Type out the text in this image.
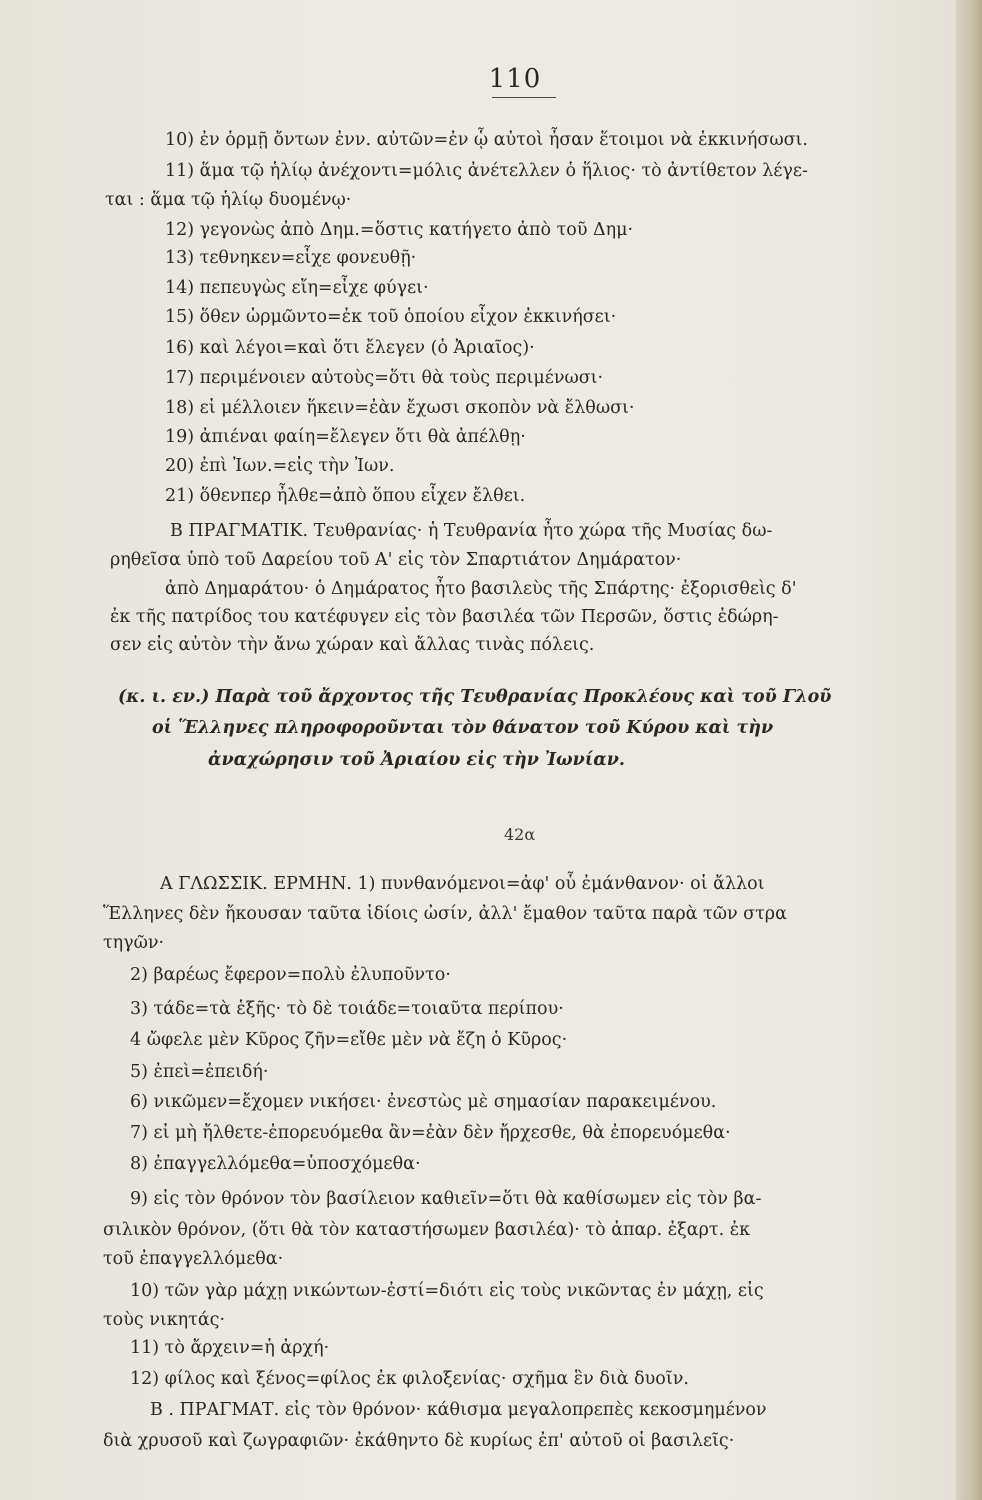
110
10) ἐν ὁρμῇ ὄντων ἐνν. αὐτῶν=ἐν ᾧ αὐτοὶ ἦσαν ἕτοιμοι νὰ ἐκκινήσωσι.
11) ἅμα τῷ ἡλίῳ ἀνέχοντι=μόλις ἀνέτελλεν ὁ ἥλιος· τὸ ἀντίθετον λέγε-
ται : ἅμα τῷ ἡλίῳ δυομένῳ·
12) γεγονὼς ἀπὸ Δημ.=ὅστις κατήγετο ἀπὸ τοῦ Δημ·
13) τεθνηκεν=εἶχε φονευθῇ·
14) πεπευγὼς εἴη=εἶχε φύγει·
15) ὅθεν ὡρμῶντο=ἐκ τοῦ ὁποίου εἶχον ἐκκινήσει·
16) καὶ λέγοι=καὶ ὅτι ἔλεγεν (ὁ Ἀριαῖος)·
17) περιμένοιεν αὐτοὺς=ὅτι θὰ τοὺς περιμένωσι·
18) εἰ μέλλοιεν ἥκειν=ἐὰν ἔχωσι σκοπὸν νὰ ἔλθωσι·
19) ἀπιέναι φαίη=ἔλεγεν ὅτι θὰ ἀπέλθῃ·
20) ἐπὶ Ἰων.=εἰς τὴν Ἰων.
21) ὅθενπερ ἦλθε=ἀπὸ ὅπου εἶχεν ἔλθει.
Β ΠΡΑΓΜΑΤΙΚ. Τευθρανίας· ἡ Τευθρανία ἦτο χώρα τῆς Μυσίας δω-
ρηθεῖσα ὑπὸ τοῦ Δαρείου τοῦ Α' εἰς τὸν Σπαρτιάτον Δημάρατον·
ἀπὸ Δημαράτου· ὁ Δημάρατος ἦτο βασιλεὺς τῆς Σπάρτης· ἐξορισθεὶς δ'
ἐκ τῆς πατρίδος του κατέφυγεν εἰς τὸν βασιλέα τῶν Περσῶν, ὅστις ἐδώρη-
σεν εἰς αὐτὸν τὴν ἄνω χώραν καὶ ἄλλας τινὰς πόλεις.
(κ. ι. εν.) Παρὰ τοῦ ἄρχοντος τῆς Τευθρανίας Προκλέους καὶ τοῦ Γλοῦ
οἱ Ἕλληνες πληροφοροῦνται τὸν θάνατον τοῦ Κύρου καὶ τὴν
ἀναχώρησιν τοῦ Ἀριαίου εἰς τὴν Ἰωνίαν.
42α
Α ΓΛΩΣΣΙΚ. ΕΡΜΗΝ. 1) πυνθανόμενοι=ἀφ' οὗ ἐμάνθανον· οἱ ἄλλοι
Ἕλληνες δὲν ἤκουσαν ταῦτα ἰδίοις ὠσίν, ἀλλ' ἔμαθον ταῦτα παρὰ τῶν στρα
τηγῶν·
2) βαρέως ἔφερον=πολὺ ἐλυποῦντο·
3) τάδε=τὰ ἑξῆς· τὸ δὲ τοιάδε=τοιαῦτα περίπου·
4 ὤφελε μὲν Κῦρος ζῆν=εἴθε μὲν νὰ ἔζη ὁ Κῦρος·
5) ἐπεὶ=ἐπειδή·
6) νικῶμεν=ἔχομεν νικήσει· ἐνεστὼς μὲ σημασίαν παρακειμένου.
7) εἰ μὴ ἤλθετε-ἐπορευόμεθα ἂν=ἐὰν δὲν ἤρχεσθε, θὰ ἐπορευόμεθα·
8) ἐπαγγελλόμεθα=ὑποσχόμεθα·
9) εἰς τὸν θρόνον τὸν βασίλειον καθιεῖν=ὅτι θὰ καθίσωμεν εἰς τὸν βα-
σιλικὸν θρόνον, (ὅτι θὰ τὸν καταστήσωμεν βασιλέα)· τὸ ἀπαρ. ἐξαρτ. ἐκ
τοῦ ἐπαγγελλόμεθα·
10) τῶν γὰρ μάχῃ νικώντων-ἐστί=διότι εἰς τοὺς νικῶντας ἐν μάχῃ, εἰς
τοὺς νικητάς·
11) τὸ ἄρχειν=ἡ ἀρχή·
12) φίλος καὶ ξένος=φίλος ἐκ φιλοξενίας· σχῆμα ἓν διὰ δυοῖν.
Β . ΠΡΑΓΜΑΤ. εἰς τὸν θρόνον· κάθισμα μεγαλοπρεπὲς κεκοσμημένον
διὰ χρυσοῦ καὶ ζωγραφιῶν· ἐκάθηντο δὲ κυρίως ἐπ' αὐτοῦ οἱ βασιλεῖς·
